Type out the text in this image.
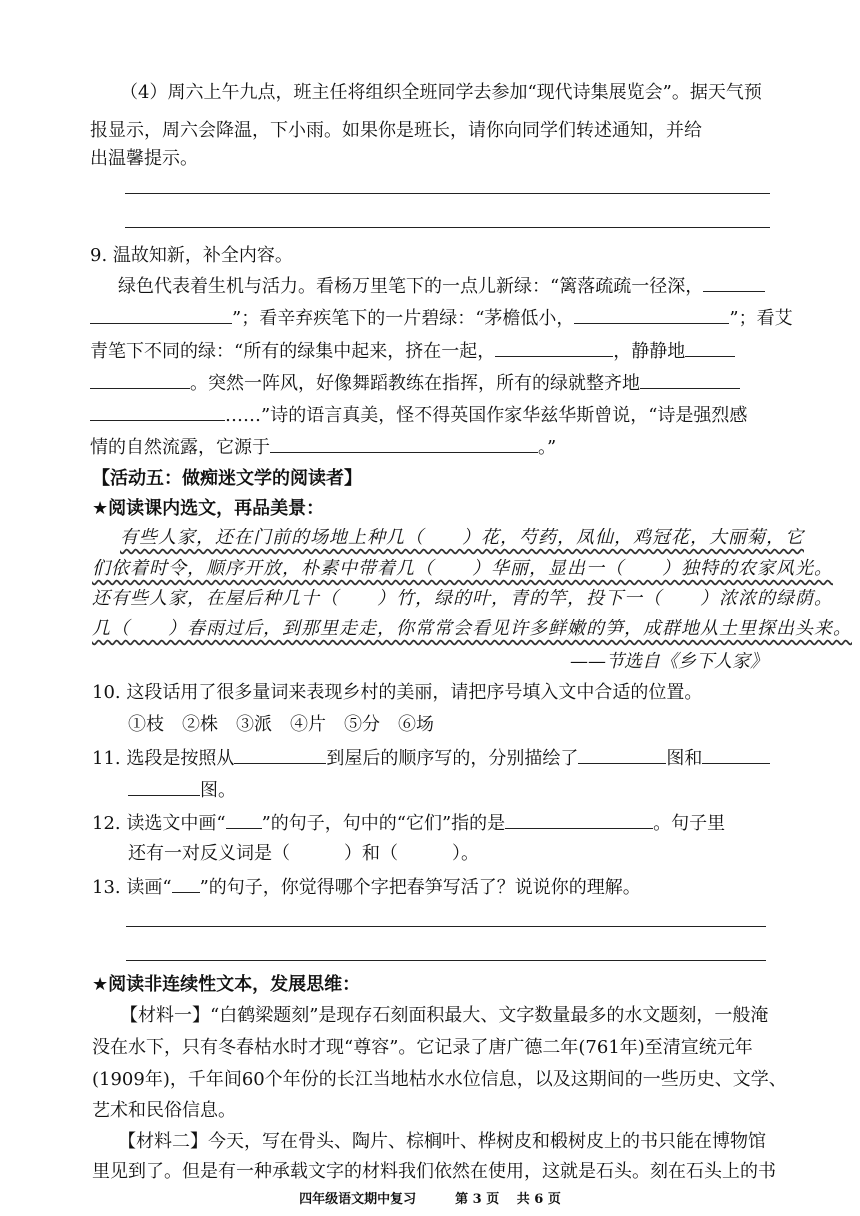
（4）周六上午九点，班主任将组织全班同学去参加“现代诗集展览会”。据天气预
报显示，周六会降温，下小雨。如果你是班长，请你向同学们转述通知，并给
出温馨提示。
9. 温故知新，补全内容。
绿色代表着生机与活力。看杨万里笔下的一点儿新绿：“篱落疏疏一径深，
”；看辛弃疾笔下的一片碧绿：“茅檐低小，	”；看艾
青笔下不同的绿：“所有的绿集中起来，挤在一起，	，静静地
。突然一阵风，好像舞蹈教练在指挥，所有的绿就整齐地
……”诗的语言真美，怪不得英国作家华兹华斯曾说，“诗是强烈感
情的自然流露，它源于	。”
【活动五：做痴迷文学的阅读者】
★阅读课内选文，再品美景：
有些人家，还在门前的场地上种几（　　）花，芍药，凤仙，鸡冠花，大丽菊，它
们依着时令，顺序开放，朴素中带着几（　　）华丽，显出一（　　）独特的农家风光。
还有些人家，在屋后种几十（　　）竹，绿的叶，青的竿，投下一（　　）浓浓的绿荫。
几（　　）春雨过后，到那里走走，你常常会看见许多鲜嫩的笋，成群地从土里探出头来。
——节选自《乡下人家》
10. 这段话用了很多量词来表现乡村的美丽，请把序号填入文中合适的位置。
①枝　②株　③派　④片　⑤分　⑥场
11. 选段是按照从	到屋后的顺序写的，分别描绘了	图和
图。
12. 读选文中画“ ”的句子，句中的“它们”指的是	。句子里
还有一对反义词是（　　　）和（　　　）。
13. 读画“ ”的句子，你觉得哪个字把春笋写活了？说说你的理解。
★阅读非连续性文本，发展思维：
【材料一】“白鹤梁题刻”是现存石刻面积最大、文字数量最多的水文题刻，一般淹
没在水下，只有冬春枯水时才现“尊容”。它记录了唐广德二年(761年)至清宣统元年
(1909年)，千年间60个年份的长江当地枯水水位信息，以及这期间的一些历史、文学、
艺术和民俗信息。
【材料二】今天，写在骨头、陶片、棕榈叶、桦树皮和椴树皮上的书只能在博物馆
里见到了。但是有一种承载文字的材料我们依然在使用，这就是石头。刻在石头上的书
四年级语文期中复习　　　第 3 页　 共 6 页
